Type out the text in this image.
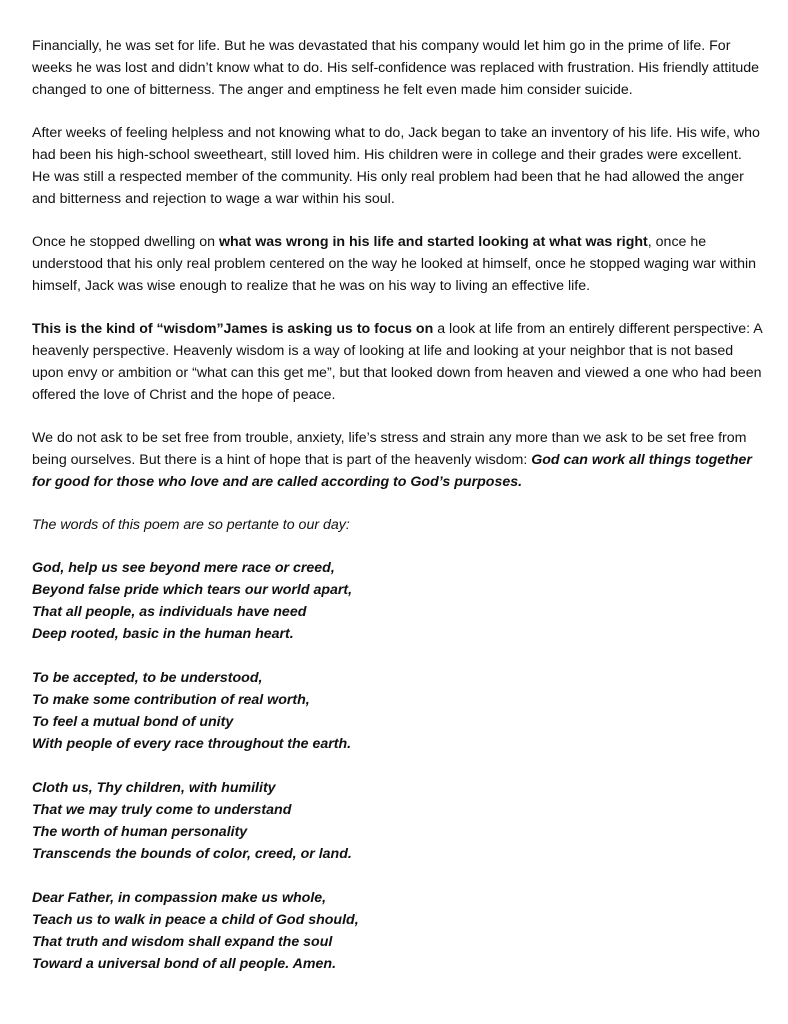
Financially, he was set for life. But he was devastated that his company would let him go in the prime of life. For weeks he was lost and didn’t know what to do. His self-confidence was replaced with frustration. His friendly attitude changed to one of bitterness. The anger and emptiness he felt even made him consider suicide.

After weeks of feeling helpless and not knowing what to do, Jack began to take an inventory of his life. His wife, who had been his high-school sweetheart, still loved him. His children were in college and their grades were excellent. He was still a respected member of the community. His only real problem had been that he had allowed the anger and bitterness and rejection to wage a war within his soul.

Once he stopped dwelling on what was wrong in his life and started looking at what was right, once he understood that his only real problem centered on the way he looked at himself, once he stopped waging war within himself, Jack was wise enough to realize that he was on his way to living an effective life.

This is the kind of “wisdom”James is asking us to focus on a look at life from an entirely different perspective: A heavenly perspective. Heavenly wisdom is a way of looking at life and looking at your neighbor that is not based upon envy or ambition or “what can this get me”, but that looked down from heaven and viewed a one who had been offered the love of Christ and the hope of peace.

We do not ask to be set free from trouble, anxiety, life’s stress and strain any more than we ask to be set free from being ourselves. But there is a hint of hope that is part of the heavenly wisdom: God can work all things together for good for those who love and are called according to God’s purposes.

The words of this poem are so pertante to our day:

God, help us see beyond mere race or creed,
Beyond false pride which tears our world apart,
That all people, as individuals have need
Deep rooted, basic in the human heart.
To be accepted, to be understood,
To make some contribution of real worth,
To feel a mutual bond of unity
With people of every race throughout the earth.
Cloth us, Thy children, with humility
That we may truly come to understand
The worth of human personality
Transcends the bounds of color, creed, or land.
Dear Father, in compassion make us whole,
Teach us to walk in peace a child of God should,
That truth and wisdom shall expand the soul
Toward a universal bond of all people. Amen.
